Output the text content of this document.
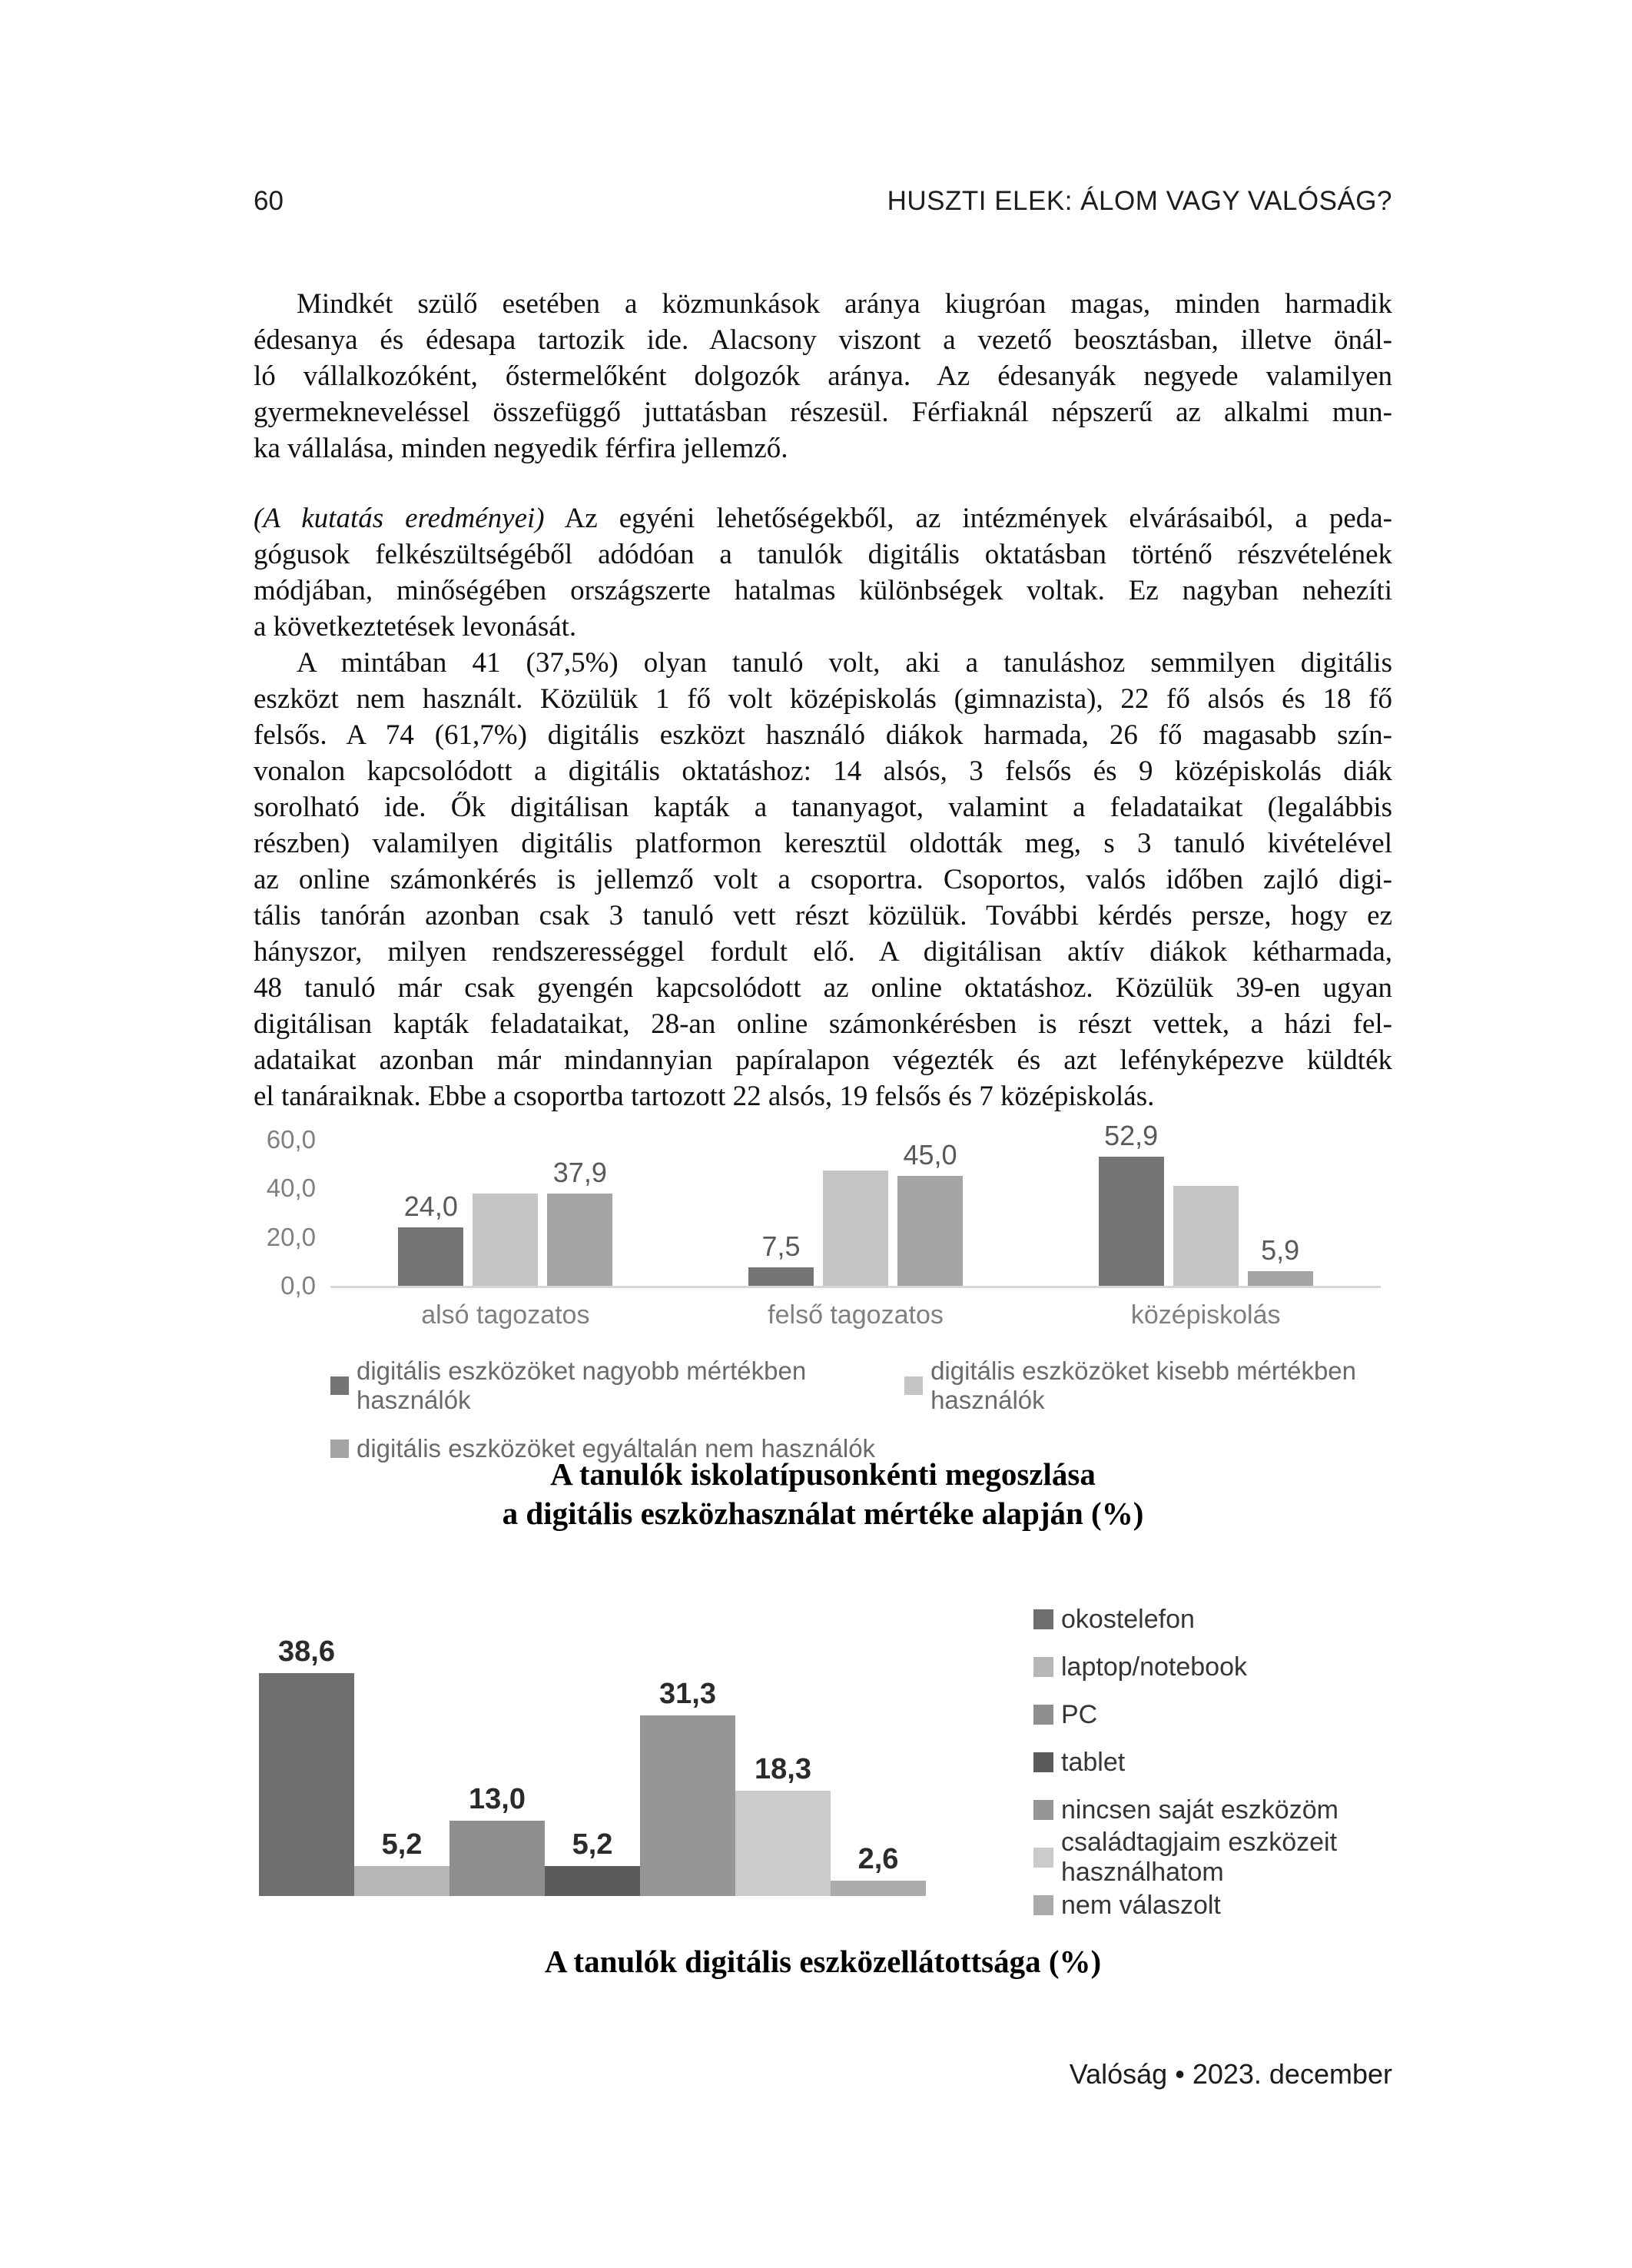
60	HUSZTI ELEK: ÁLOM VAGY VALÓSÁG?
Mindkét szülő esetében a közmunkások aránya kiugróan magas, minden harmadik
édesanya és édesapa tartozik ide. Alacsony viszont a vezető beosztásban, illetve önál-
ló vállalkozóként, őstermelőként dolgozók aránya. Az édesanyák negyede valamilyen
gyermekneveléssel összefüggő juttatásban részesül. Férfiaknál népszerű az alkalmi mun-
ka vállalása, minden negyedik férfira jellemző.
(A kutatás eredményei) Az egyéni lehetőségekből, az intézmények elvárásaiból, a peda-
gógusok felkészültségéből adódóan a tanulók digitális oktatásban történő részvételének
módjában, minőségében országszerte hatalmas különbségek voltak. Ez nagyban nehezíti
a következtetések levonását.
A mintában 41 (37,5%) olyan tanuló volt, aki a tanuláshoz semmilyen digitális
eszközt nem használt. Közülük 1 fő volt középiskolás (gimnazista), 22 fő alsós és 18 fő
felsős. A 74 (61,7%) digitális eszközt használó diákok harmada, 26 fő magasabb szín-
vonalon kapcsolódott a digitális oktatáshoz: 14 alsós, 3 felsős és 9 középiskolás diák
sorolható ide. Ők digitálisan kapták a tananyagot, valamint a feladataikat (legalábbis
részben) valamilyen digitális platformon keresztül oldották meg, s 3 tanuló kivételével
az online számonkérés is jellemző volt a csoportra. Csoportos, valós időben zajló digi-
tális tanórán azonban csak 3 tanuló vett részt közülük. További kérdés persze, hogy ez
hányszor, milyen rendszerességgel fordult elő. A digitálisan aktív diákok kétharmada,
48 tanuló már csak gyengén kapcsolódott az online oktatáshoz. Közülük 39-en ugyan
digitálisan kapták feladataikat, 28-an online számonkérésben is részt vettek, a házi fel-
adataikat azonban már mindannyian papíralapon végezték és azt lefényképezve küldték
el tanáraiknak. Ebbe a csoportba tartozott 22 alsós, 19 felsős és 7 középiskolás.
60,0
40,0
20,0
0,0
24,0
37,9
7,5
45,0
52,9
5,9
alsó tagozatos	felső tagozatos	középiskolás
digitális eszközöket nagyobb mértékben használók
digitális eszközöket kisebb mértékben használók
digitális eszközöket egyáltalán nem használók
A tanulók iskolatípusonkénti megoszlása
a digitális eszközhasználat mértéke alapján (%)
38,6
5,2
13,0
5,2
31,3
18,3
2,6
okostelefon
laptop/notebook
PC
tablet
nincsen saját eszközöm
családtagjaim eszközeit használhatom
nem válaszolt
A tanulók digitális eszközellátottsága (%)
Valóság • 2023. december
